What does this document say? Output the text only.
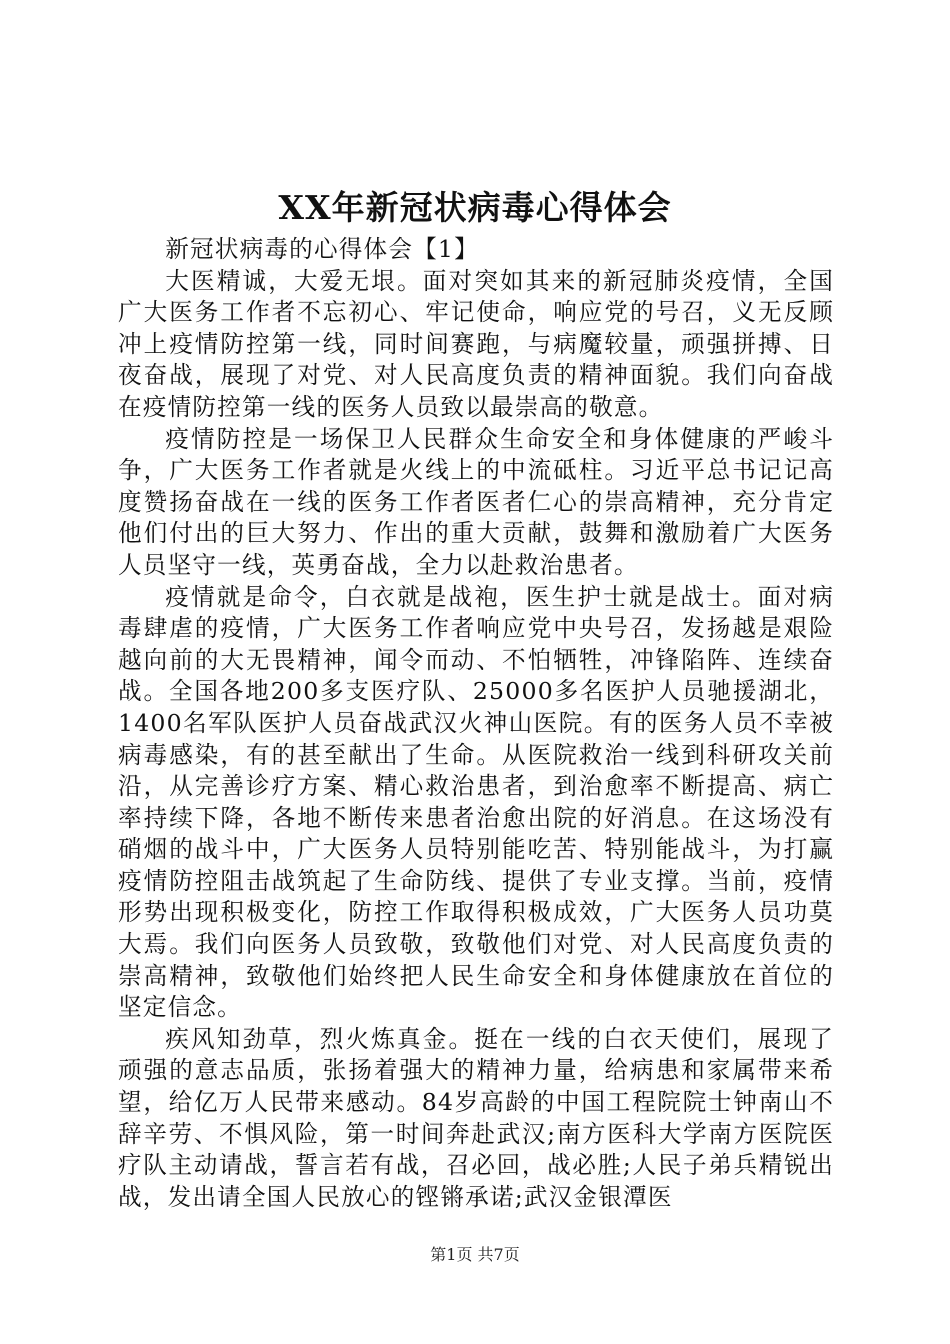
XX年新冠状病毒心得体会

新冠状病毒的心得体会【1】

大医精诚，大爱无垠。面对突如其来的新冠肺炎疫情，全国广大医务工作者不忘初心、牢记使命，响应党的号召，义无反顾冲上疫情防控第一线，同时间赛跑，与病魔较量，顽强拼搏、日夜奋战，展现了对党、对人民高度负责的精神面貌。我们向奋战在疫情防控第一线的医务人员致以最崇高的敬意。

疫情防控是一场保卫人民群众生命安全和身体健康的严峻斗争，广大医务工作者就是火线上的中流砥柱。习近平总书记记高度赞扬奋战在一线的医务工作者医者仁心的崇高精神，充分肯定他们付出的巨大努力、作出的重大贡献，鼓舞和激励着广大医务人员坚守一线，英勇奋战，全力以赴救治患者。

疫情就是命令，白衣就是战袍，医生护士就是战士。面对病毒肆虐的疫情，广大医务工作者响应党中央号召，发扬越是艰险越向前的大无畏精神，闻令而动、不怕牺牲，冲锋陷阵、连续奋战。全国各地200多支医疗队、25000多名医护人员驰援湖北，1400名军队医护人员奋战武汉火神山医院。有的医务人员不幸被病毒感染，有的甚至献出了生命。从医院救治一线到科研攻关前沿，从完善诊疗方案、精心救治患者，到治愈率不断提高、病亡率持续下降，各地不断传来患者治愈出院的好消息。在这场没有硝烟的战斗中，广大医务人员特别能吃苦、特别能战斗，为打赢疫情防控阻击战筑起了生命防线、提供了专业支撑。当前，疫情形势出现积极变化，防控工作取得积极成效，广大医务人员功莫大焉。我们向医务人员致敬，致敬他们对党、对人民高度负责的崇高精神，致敬他们始终把人民生命安全和身体健康放在首位的坚定信念。

疾风知劲草，烈火炼真金。挺在一线的白衣天使们，展现了顽强的意志品质，张扬着强大的精神力量，给病患和家属带来希望，给亿万人民带来感动。84岁高龄的中国工程院院士钟南山不辞辛劳、不惧风险，第一时间奔赴武汉;南方医科大学南方医院医疗队主动请战，誓言若有战，召必回，战必胜;人民子弟兵精锐出战，发出请全国人民放心的铿锵承诺;武汉金银潭医

第1页 共7页
